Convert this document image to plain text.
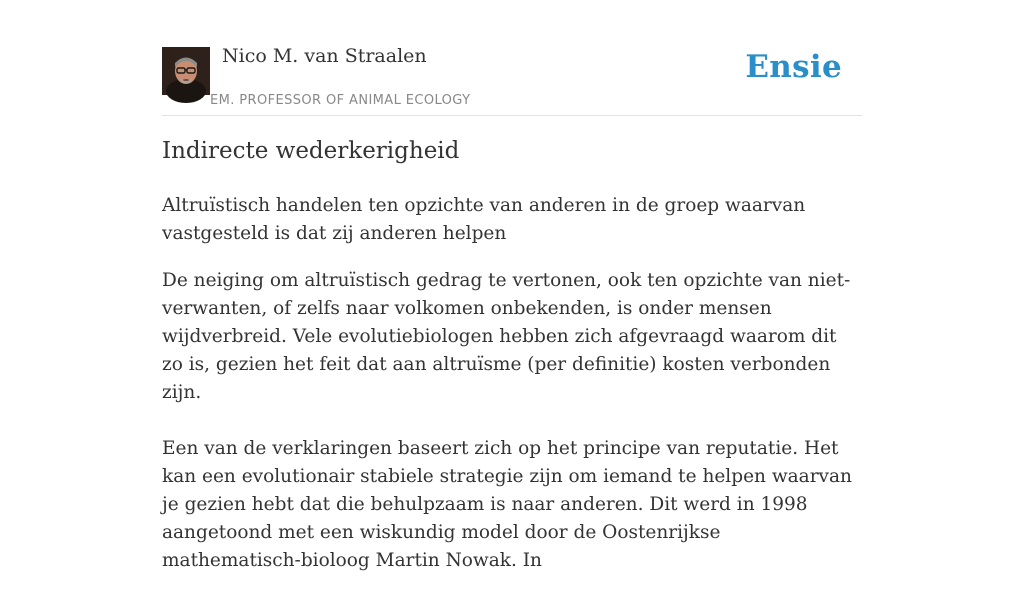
Nico M. van Straalen
EM. PROFESSOR OF ANIMAL ECOLOGY
Ensie
Indirecte wederkerigheid

Altruïstisch handelen ten opzichte van anderen in de groep waarvan vastgesteld is dat zij anderen helpen

De neiging om altruïstisch gedrag te vertonen, ook ten opzichte van niet-verwanten, of zelfs naar volkomen onbekenden, is onder mensen wijdverbreid. Vele evolutiebiologen hebben zich afgevraagd waarom dit zo is, gezien het feit dat aan altruïsme (per definitie) kosten verbonden zijn.

Een van de verklaringen baseert zich op het principe van reputatie. Het kan een evolutionair stabiele strategie zijn om iemand te helpen waarvan je gezien hebt dat die behulpzaam is naar anderen. Dit werd in 1998 aangetoond met een wiskundig model door de Oostenrijkse mathematisch-bioloog Martin Nowak. In
